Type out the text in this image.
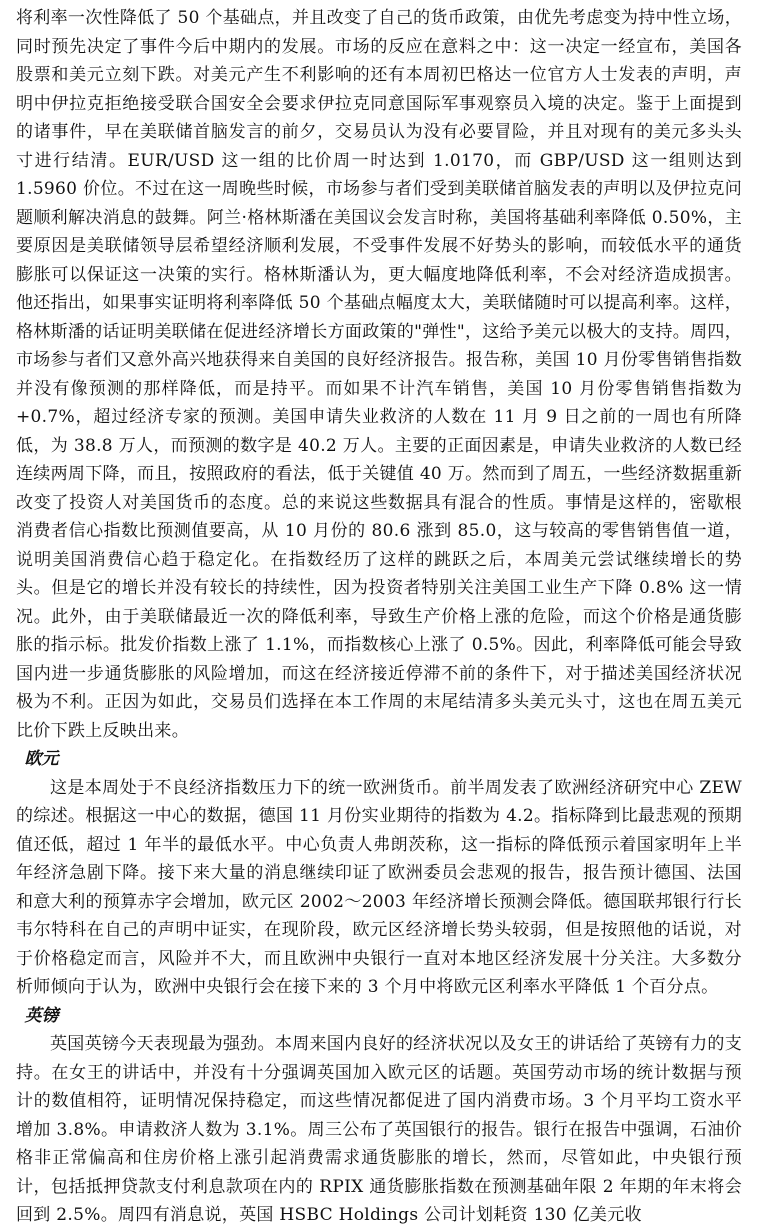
将利率一次性降低了 50 个基础点，并且改变了自己的货币政策，由优先考虑变为持中性立场，同时预先决定了事件今后中期内的发展。市场的反应在意料之中：这一决定一经宣布，美国各股票和美元立刻下跌。对美元产生不利影响的还有本周初巴格达一位官方人士发表的声明，声明中伊拉克拒绝接受联合国安全会要求伊拉克同意国际军事观察员入境的决定。鉴于上面提到的诸事件，早在美联储首脑发言的前夕，交易员认为没有必要冒险，并且对现有的美元多头头寸进行结清。EUR/USD 这一组的比价周一时达到 1.0170，而 GBP/USD 这一组则达到 1.5960 价位。不过在这一周晚些时候，市场参与者们受到美联储首脑发表的声明以及伊拉克问题顺利解决消息的鼓舞。阿兰·格林斯潘在美国议会发言时称，美国将基础利率降低 0.50%，主要原因是美联储领导层希望经济顺利发展，不受事件发展不好势头的影响，而较低水平的通货膨胀可以保证这一决策的实行。格林斯潘认为，更大幅度地降低利率，不会对经济造成损害。他还指出，如果事实证明将利率降低 50 个基础点幅度太大，美联储随时可以提高利率。这样，格林斯潘的话证明美联储在促进经济增长方面政策的"弹性"，这给予美元以极大的支持。周四，市场参与者们又意外高兴地获得来自美国的良好经济报告。报告称，美国 10 月份零售销售指数并没有像预测的那样降低，而是持平。而如果不计汽车销售，美国 10 月份零售销售指数为+0.7%，超过经济专家的预测。美国申请失业救济的人数在 11 月 9 日之前的一周也有所降低，为 38.8 万人，而预测的数字是 40.2 万人。主要的正面因素是，申请失业救济的人数已经连续两周下降，而且，按照政府的看法，低于关键值 40 万。然而到了周五，一些经济数据重新改变了投资人对美国货币的态度。总的来说这些数据具有混合的性质。事情是这样的，密歇根消费者信心指数比预测值要高，从 10 月份的 80.6 涨到 85.0，这与较高的零售销售值一道，说明美国消费信心趋于稳定化。在指数经历了这样的跳跃之后，本周美元尝试继续增长的势头。但是它的增长并没有较长的持续性，因为投资者特别关注美国工业生产下降 0.8% 这一情况。此外，由于美联储最近一次的降低利率，导致生产价格上涨的危险，而这个价格是通货膨胀的指示标。批发价指数上涨了 1.1%，而指数核心上涨了 0.5%。因此，利率降低可能会导致国内进一步通货膨胀的风险增加，而这在经济接近停滞不前的条件下，对于描述美国经济状况极为不利。正因为如此，交易员们选择在本工作周的末尾结清多头美元头寸，这也在周五美元比价下跌上反映出来。

欧元

这是本周处于不良经济指数压力下的统一欧洲货币。前半周发表了欧洲经济研究中心 ZEW 的综述。根据这一中心的数据，德国 11 月份实业期待的指数为 4.2。指标降到比最悲观的预期值还低，超过 1 年半的最低水平。中心负责人弗朗茨称，这一指标的降低预示着国家明年上半年经济急剧下降。接下来大量的消息继续印证了欧洲委员会悲观的报告，报告预计德国、法国和意大利的预算赤字会增加，欧元区 2002～2003 年经济增长预测会降低。德国联邦银行行长韦尔特科在自己的声明中证实，在现阶段，欧元区经济增长势头较弱，但是按照他的话说，对于价格稳定而言，风险并不大，而且欧洲中央银行一直对本地区经济发展十分关注。大多数分析师倾向于认为，欧洲中央银行会在接下来的 3 个月中将欧元区利率水平降低 1 个百分点。

英镑

英国英镑今天表现最为强劲。本周来国内良好的经济状况以及女王的讲话给了英镑有力的支持。在女王的讲话中，并没有十分强调英国加入欧元区的话题。英国劳动市场的统计数据与预计的数值相符，证明情况保持稳定，而这些情况都促进了国内消费市场。3 个月平均工资水平增加 3.8%。申请救济人数为 3.1%。周三公布了英国银行的报告。银行在报告中强调，石油价格非正常偏高和住房价格上涨引起消费需求通货膨胀的增长，然而，尽管如此，中央银行预计，包括抵押贷款支付利息款项在内的 RPIX 通货膨胀指数在预测基础年限 2 年期的年末将会回到 2.5%。周四有消息说，英国 HSBC Holdings 公司计划耗资 130 亿美元收
